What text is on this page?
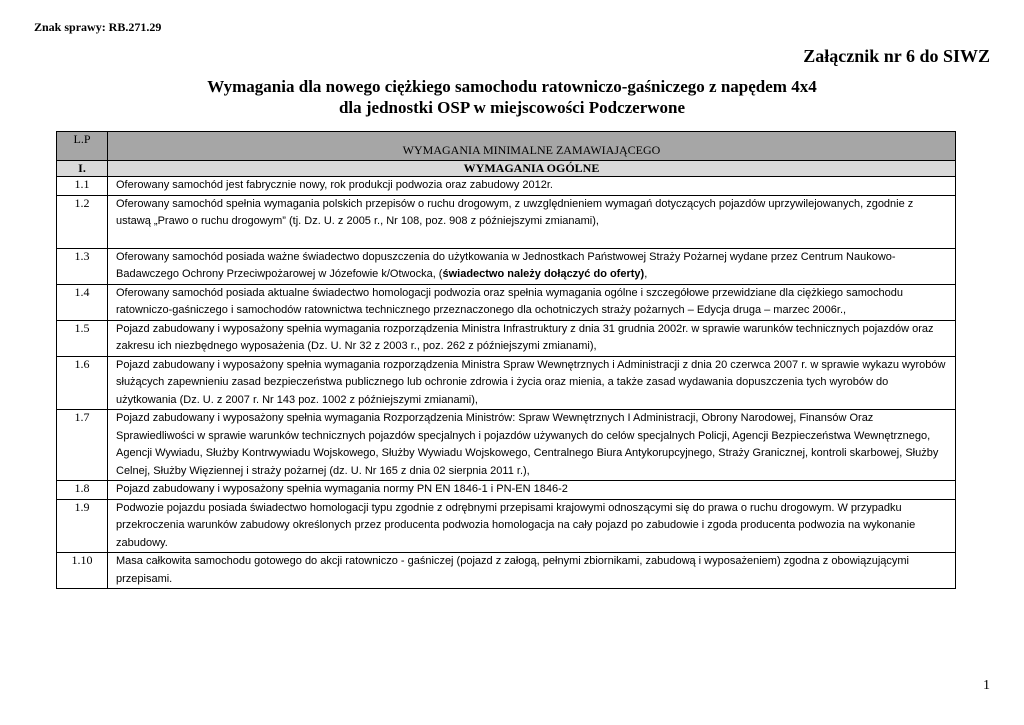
Znak sprawy: RB.271.29
Załącznik nr 6 do SIWZ
Wymagania dla nowego ciężkiego samochodu ratowniczo-gaśniczego z napędem 4x4
dla jednostki OSP w miejscowości Podczerwone
L.P	WYMAGANIA MINIMALNE ZAMAWIAJĄCEGO
I.	WYMAGANIA OGÓLNE
1.1	Oferowany samochód jest fabrycznie nowy, rok produkcji podwozia oraz zabudowy 2012r.
1.2	Oferowany samochód spełnia wymagania polskich przepisów o ruchu drogowym, z uwzględnieniem wymagań dotyczących pojazdów uprzywilejowanych, zgodnie z ustawą „Prawo o ruchu drogowym” (tj. Dz. U. z 2005 r., Nr 108, poz. 908 z późniejszymi zmianami),
1.3	Oferowany samochód posiada ważne świadectwo dopuszczenia do użytkowania w Jednostkach Państwowej Straży Pożarnej wydane przez Centrum Naukowo-Badawczego Ochrony Przeciwpożarowej w Józefowie k/Otwocka, (świadectwo należy dołączyć do oferty),
1.4	Oferowany samochód posiada aktualne świadectwo homologacji podwozia oraz spełnia wymagania ogólne i szczegółowe przewidziane dla ciężkiego samochodu ratowniczo-gaśniczego i samochodów ratownictwa technicznego przeznaczonego dla ochotniczych straży pożarnych – Edycja druga – marzec 2006r.,
1.5	Pojazd zabudowany i wyposażony spełnia wymagania rozporządzenia Ministra Infrastruktury z dnia 31 grudnia 2002r. w sprawie warunków technicznych pojazdów oraz zakresu ich niezbędnego wyposażenia (Dz. U. Nr 32 z 2003 r., poz. 262 z późniejszymi zmianami),
1.6	Pojazd zabudowany i wyposażony spełnia wymagania rozporządzenia Ministra Spraw Wewnętrznych i Administracji z dnia 20 czerwca 2007 r. w sprawie wykazu wyrobów służących zapewnieniu zasad bezpieczeństwa publicznego lub ochronie zdrowia i życia oraz mienia, a także zasad wydawania dopuszczenia tych wyrobów do użytkowania (Dz. U. z 2007 r. Nr 143 poz. 1002 z późniejszymi zmianami),
1.7	Pojazd zabudowany i wyposażony spełnia wymagania Rozporządzenia Ministrów: Spraw Wewnętrznych I Administracji, Obrony Narodowej, Finansów Oraz Sprawiedliwości w sprawie warunków technicznych pojazdów specjalnych i pojazdów używanych do celów specjalnych Policji, Agencji Bezpieczeństwa Wewnętrznego, Agencji Wywiadu, Służby Kontrwywiadu Wojskowego, Służby Wywiadu Wojskowego, Centralnego Biura Antykorupcyjnego, Straży Granicznej, kontroli skarbowej, Służby Celnej, Służby Więziennej i straży pożarnej (dz. U. Nr 165 z dnia 02 sierpnia 2011 r.),
1.8	Pojazd zabudowany i wyposażony spełnia wymagania normy PN EN 1846-1 i PN-EN 1846-2
1.9	Podwozie pojazdu posiada świadectwo homologacji typu zgodnie z odrębnymi przepisami krajowymi odnoszącymi się do prawa o ruchu drogowym. W przypadku przekroczenia warunków zabudowy określonych przez producenta podwozia homologacja na cały pojazd po zabudowie i zgoda producenta podwozia na wykonanie zabudowy.
1.10	Masa całkowita samochodu gotowego do akcji ratowniczo - gaśniczej (pojazd z załogą, pełnymi zbiornikami, zabudową i wyposażeniem) zgodna z obowiązującymi przepisami.
1
